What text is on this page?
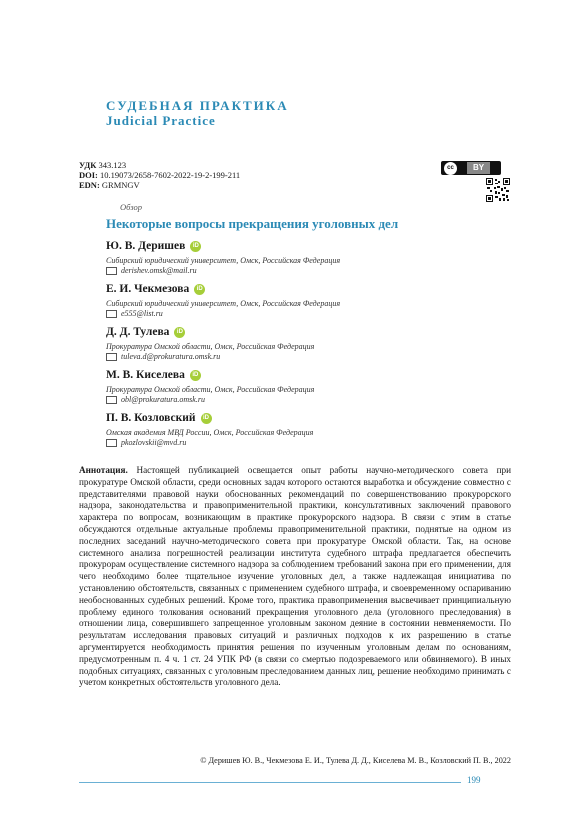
СУДЕБНАЯ ПРАКТИКА
Judicial Practice
УДК 343.123
DOI: 10.19073/2658-7602-2022-19-2-199-211
EDN: GRMNGV
cc	BY
Обзор
Некоторые вопросы прекращения уголовных дел
Ю. В. Деришев	iD
Сибирский юридический университет, Омск, Российская Федерация
derishev.omsk@mail.ru
Е. И. Чекмезова	iD
Сибирский юридический университет, Омск, Российская Федерация
e555@list.ru
Д. Д. Тулева	iD
Прокуратура Омской области, Омск, Российская Федерация
tuleva.d@prokuratura.omsk.ru
М. В. Киселева	iD
Прокуратура Омской области, Омск, Российская Федерация
obl@prokuratura.omsk.ru
П. В. Козловский	iD
Омская академия МВД России, Омск, Российская Федерация
pkozlovskii@mvd.ru

Аннотация. Настоящей публикацией освещается опыт работы научно-методического совета при прокуратуре Омской области, среди основных задач которого остаются выработка и обсуждение совместно с представителями правовой науки обоснованных рекомендаций по совершенствованию прокурорского надзора, законодательства и правоприменительной практики, консультативных заключений правового характера по вопросам, возникающим в практике прокурорского надзора. В связи с этим в статье обсуждаются отдельные актуальные проблемы правоприменительной практики, поднятые на одном из последних заседаний научно-методического совета при прокуратуре Омской области. Так, на основе системного анализа погрешностей реализации института судебного штрафа предлагается обеспечить прокурорам осуществление системного надзора за соблюдением требований закона при его применении, для чего необходимо более тщательное изучение уголовных дел, а также надлежащая инициатива по установлению обстоятельств, связанных с применением судебного штрафа, и своевременному оспариванию необоснованных судебных решений. Кроме того, практика правоприменения высвечивает принципиальную проблему единого толкования оснований прекращения уголовного дела (уголовного преследования) в отношении лица, совершившего запрещенное уголовным законом деяние в состоянии невменяемости. По результатам исследования правовых ситуаций и различных подходов к их разрешению в статье аргументируется необходимость принятия решения по изученным уголовным делам по основаниям, предусмотренным п. 4 ч. 1 ст. 24 УПК РФ (в связи со смертью подозреваемого или обвиняемого). В иных подобных ситуациях, связанных с уголовным преследованием данных лиц, решение необходимо принимать с учетом конкретных обстоятельств уголовного дела.

© Деришев Ю. В., Чекмезова Е. И., Тулева Д. Д., Киселева М. В., Козловский П. В., 2022
199
